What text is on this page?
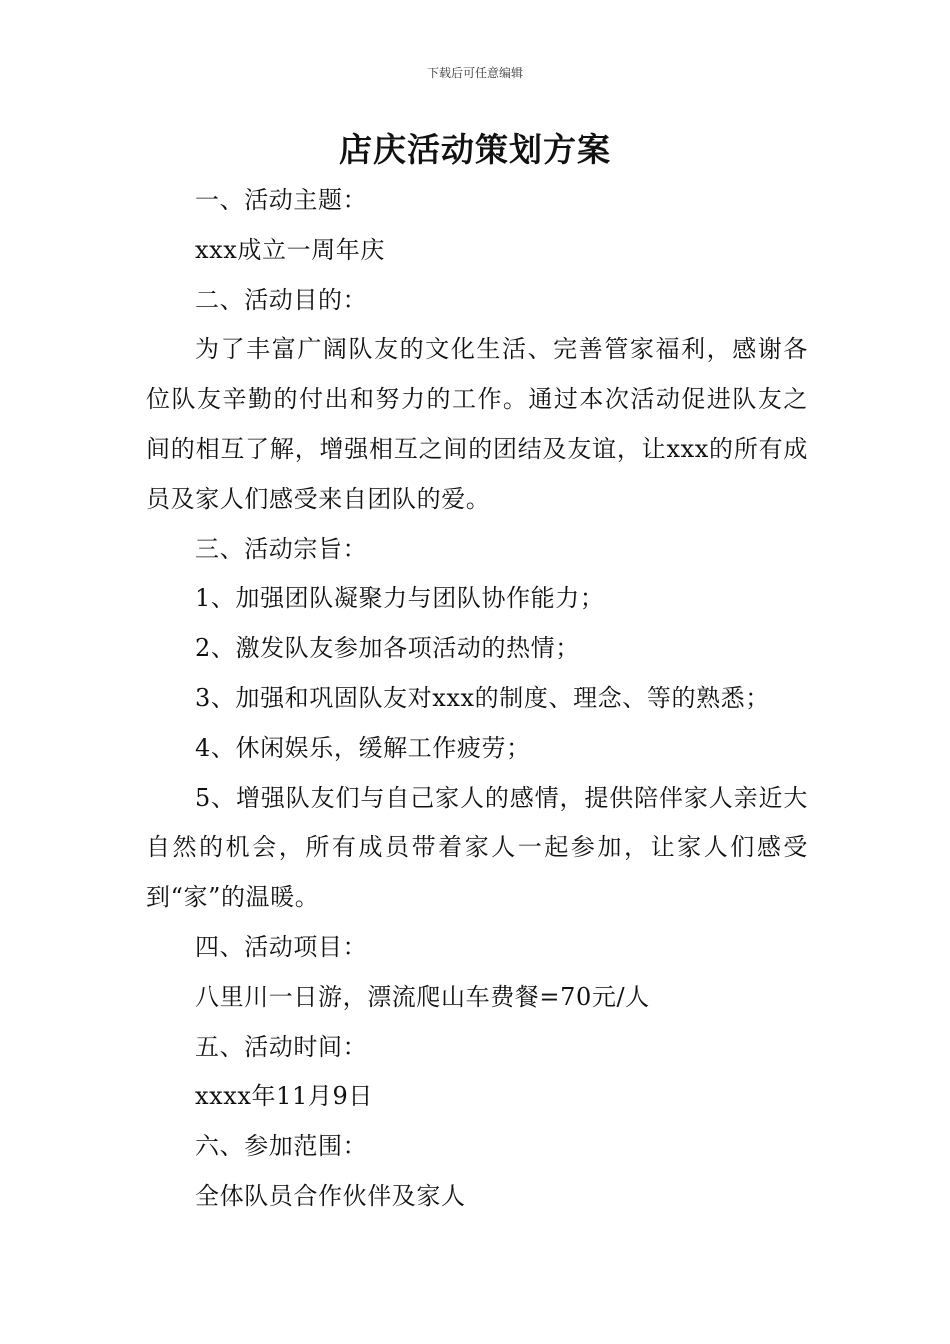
下载后可任意编辑
店庆活动策划方案

一、活动主题：

xxx成立一周年庆

二、活动目的：

为了丰富广阔队友的文化生活、完善管家福利，感谢各位队友辛勤的付出和努力的工作。通过本次活动促进队友之间的相互了解，增强相互之间的团结及友谊，让xxx的所有成员及家人们感受来自团队的爱。

三、活动宗旨：

1、加强团队凝聚力与团队协作能力；

2、激发队友参加各项活动的热情；

3、加强和巩固队友对xxx的制度、理念、等的熟悉；

4、休闲娱乐，缓解工作疲劳；

5、增强队友们与自己家人的感情，提供陪伴家人亲近大自然的机会，所有成员带着家人一起参加，让家人们感受到“家”的温暖。

四、活动项目：

八里川一日游，漂流爬山车费餐=70元/人

五、活动时间：

xxxx年11月9日

六、参加范围：

全体队员合作伙伴及家人
